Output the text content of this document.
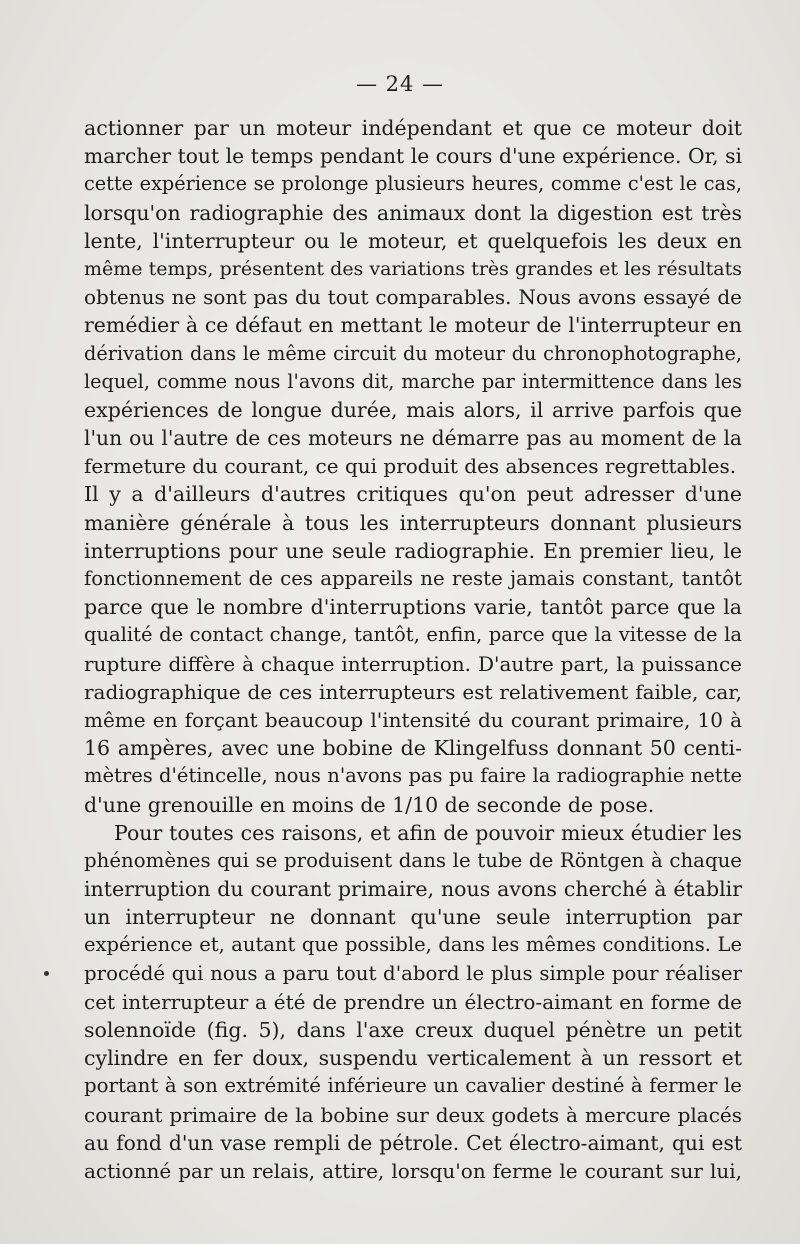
— 24 —
actionner par un moteur indépendant et que ce moteur doit
marcher tout le temps pendant le cours d'une expérience. Or, si
cette expérience se prolonge plusieurs heures, comme c'est le cas,
lorsqu'on radiographie des animaux dont la digestion est très
lente, l'interrupteur ou le moteur, et quelquefois les deux en
même temps, présentent des variations très grandes et les résultats
obtenus ne sont pas du tout comparables. Nous avons essayé de
remédier à ce défaut en mettant le moteur de l'interrupteur en
dérivation dans le même circuit du moteur du chronophotographe,
lequel, comme nous l'avons dit, marche par intermittence dans les
expériences de longue durée, mais alors, il arrive parfois que
l'un ou l'autre de ces moteurs ne démarre pas au moment de la
fermeture du courant, ce qui produit des absences regrettables.
Il y a d'ailleurs d'autres critiques qu'on peut adresser d'une
manière générale à tous les interrupteurs donnant plusieurs
interruptions pour une seule radiographie. En premier lieu, le
fonctionnement de ces appareils ne reste jamais constant, tantôt
parce que le nombre d'interruptions varie, tantôt parce que la
qualité de contact change, tantôt, enfin, parce que la vitesse de la
rupture diffère à chaque interruption. D'autre part, la puissance
radiographique de ces interrupteurs est relativement faible, car,
même en forçant beaucoup l'intensité du courant primaire, 10 à
16 ampères, avec une bobine de Klingelfuss donnant 50 centi-
mètres d'étincelle, nous n'avons pas pu faire la radiographie nette
d'une grenouille en moins de 1/10 de seconde de pose.
Pour toutes ces raisons, et afin de pouvoir mieux étudier les
phénomènes qui se produisent dans le tube de Röntgen à chaque
interruption du courant primaire, nous avons cherché à établir
un interrupteur ne donnant qu'une seule interruption par
expérience et, autant que possible, dans les mêmes conditions. Le
procédé qui nous a paru tout d'abord le plus simple pour réaliser
cet interrupteur a été de prendre un électro-aimant en forme de
solennoïde (fig. 5), dans l'axe creux duquel pénètre un petit
cylindre en fer doux, suspendu verticalement à un ressort et
portant à son extrémité inférieure un cavalier destiné à fermer le
courant primaire de la bobine sur deux godets à mercure placés
au fond d'un vase rempli de pétrole. Cet électro-aimant, qui est
actionné par un relais, attire, lorsqu'on ferme le courant sur lui,
